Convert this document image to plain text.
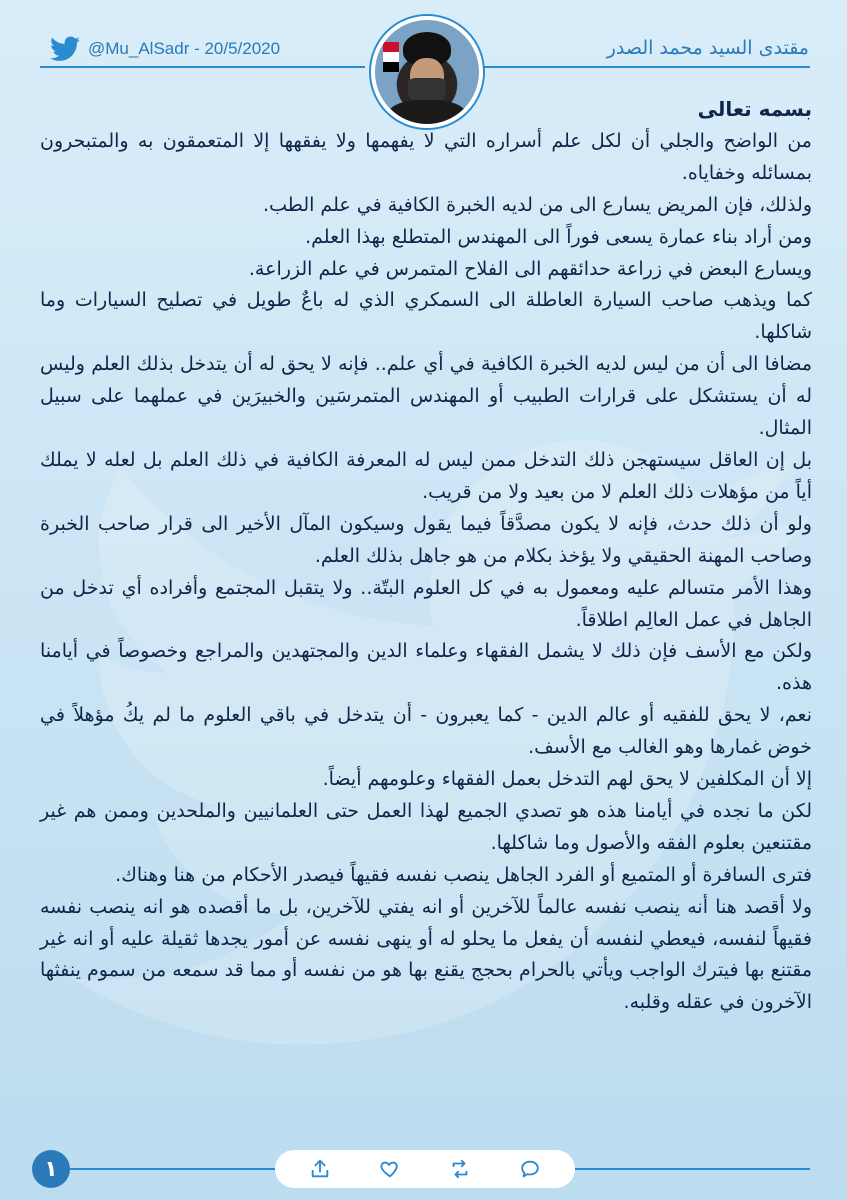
@Mu_AlSadr - 20/5/2020	مقتدى السيد محمد الصدر

بسمه تعالى

من الواضح والجلي أن لكل علم أسراره التي لا يفهمها ولا يفقهها إلا المتعمقون به والمتبحرون بمسائله وخفاياه.

ولذلك، فإن المريض يسارع الى من لديه الخبرة الكافية في علم الطب.

ومن أراد بناء عمارة يسعى فوراً الى المهندس المتطلع بهذا العلم.

ويسارع البعض في زراعة حدائقهم الى الفلاح المتمرس في علم الزراعة.

كما ويذهب صاحب السيارة العاطلة الى السمكري الذي له باعٌ طويل في تصليح السيارات وما شاكلها.

مضافا الى أن من ليس لديه الخبرة الكافية في أي علم.. فإنه لا يحق له أن يتدخل بذلك العلم وليس له أن يستشكل على قرارات الطبيب أو المهندس المتمرسَين والخبيرَين في عملهما على سبيل المثال.

بل إن العاقل سيستهجن ذلك التدخل ممن ليس له المعرفة الكافية في ذلك العلم بل لعله لا يملك أياً من مؤهلات ذلك العلم لا من بعيد ولا من قريب.

ولو أن ذلك حدث، فإنه لا يكون مصدَّقاً فيما يقول وسيكون المآل الأخير الى قرار صاحب الخبرة وصاحب المهنة الحقيقي ولا يؤخذ بكلام من هو جاهل بذلك العلم.

وهذا الأمر متسالم عليه ومعمول به في كل العلوم البتّة.. ولا يتقبل المجتمع وأفراده أي تدخل من الجاهل في عمل العالِم اطلاقاً.

ولكن مع الأسف فإن ذلك لا يشمل الفقهاء وعلماء الدين والمجتهدين والمراجع وخصوصاً في أيامنا هذه.

نعم، لا يحق للفقيه أو عالم الدين - كما يعبرون - أن يتدخل في باقي العلوم ما لم يكُ مؤهلاً في خوض غمارها وهو الغالب مع الأسف.

إلا أن المكلفين لا يحق لهم التدخل بعمل الفقهاء وعلومهم أيضاً.

لكن ما نجده في أيامنا هذه هو تصدي الجميع لهذا العمل حتى العلمانيين والملحدين وممن هم غير مقتنعين بعلوم الفقه والأصول وما شاكلها.

فترى السافرة أو المتميع أو الفرد الجاهل ينصب نفسه فقيهاً فيصدر الأحكام من هنا وهناك.

ولا أقصد هنا أنه ينصب نفسه عالماً للآخرين أو انه يفتي للآخرين، بل ما أقصده هو انه ينصب نفسه فقيهاً لنفسه، فيعطي لنفسه أن يفعل ما يحلو له أو ينهى نفسه عن أمور يجدها ثقيلة عليه أو انه غير مقتنع بها فيترك الواجب ويأتي بالحرام بحجج يقنع بها هو من نفسه أو مما قد سمعه من سموم ينفثها الآخرون في عقله وقلبه.

١
